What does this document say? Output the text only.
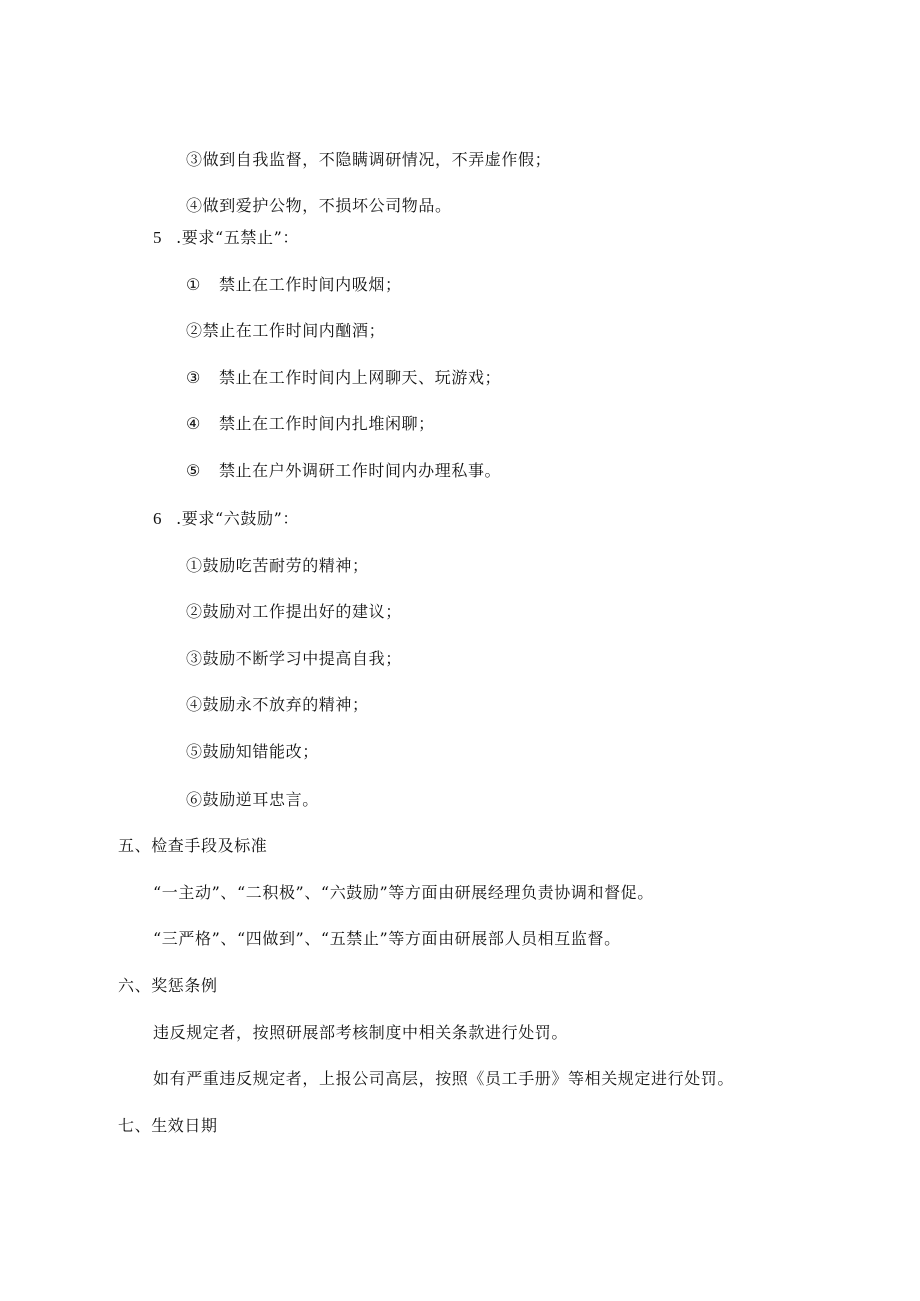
③做到自我监督，不隐瞒调研情况，不弄虚作假；
④做到爱护公物，不损坏公司物品。
5 .要求“五禁止”：
① 禁止在工作时间内吸烟；
②禁止在工作时间内酗酒；
③ 禁止在工作时间内上网聊天、玩游戏；
④ 禁止在工作时间内扎堆闲聊；
⑤ 禁止在户外调研工作时间内办理私事。
6 .要求“六鼓励”：
①鼓励吃苦耐劳的精神；
②鼓励对工作提出好的建议；
③鼓励不断学习中提高自我；
④鼓励永不放弃的精神；
⑤鼓励知错能改；
⑥鼓励逆耳忠言。
五、检查手段及标准
“一主动”、“二积极”、“六鼓励”等方面由研展经理负责协调和督促。
“三严格”、“四做到”、“五禁止”等方面由研展部人员相互监督。
六、奖惩条例
违反规定者，按照研展部考核制度中相关条款进行处罚。
如有严重违反规定者，上报公司高层，按照《员工手册》等相关规定进行处罚。
七、生效日期
